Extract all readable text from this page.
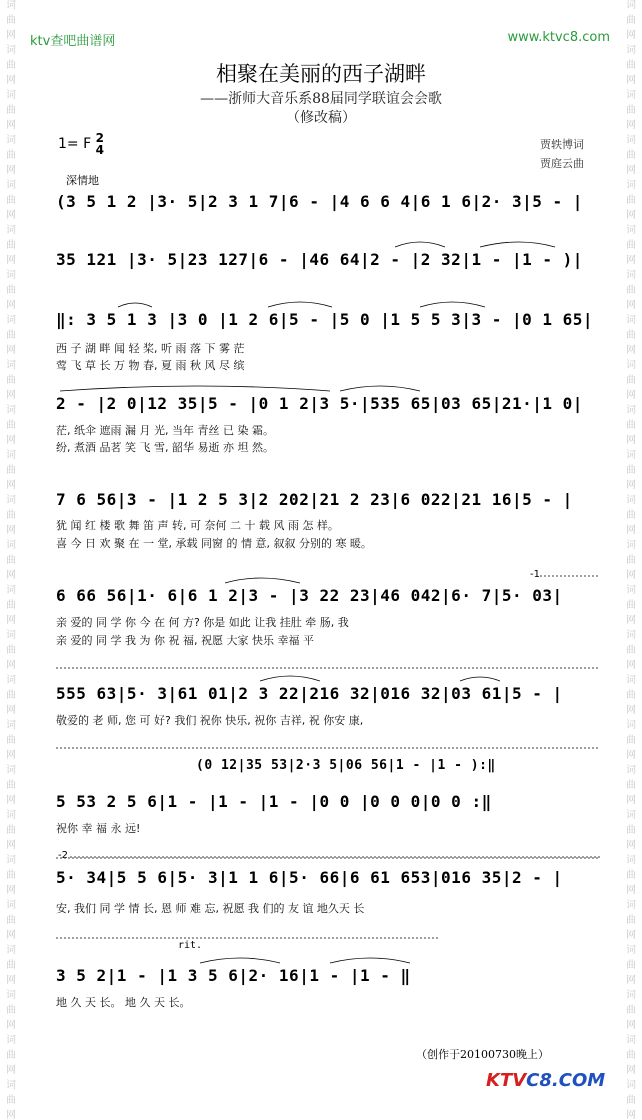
词
曲
网
词
曲
网
词
曲
网
词
曲
网
词
曲
网
词
曲
网
词
曲
网
词
曲
网
词
曲
网
词
曲
网
词
曲
网
词
曲
网
词
曲
网
词
曲
网
词
曲
网
词
曲
网
词
曲
网
词
曲
网
词
曲
网
词
曲
网
词
曲
网
词
曲
网
词
曲
网
词
曲
网
词
曲
网
词
曲
网
词
曲
网
词
曲
网
词
曲
网
词
曲
网
词
曲
网
词
曲
网
词
曲
网
词
曲
网
词
曲
网
词
曲
网
词
曲
网
词
曲
网
词
曲
网
词
曲
网
词
曲
网
词
曲
网
词
曲
网
词
曲
网
词
曲
网
词
曲
网
词
曲
网
词
曲
网
词
曲
网
词
曲
网
ktv查吧曲谱网	www.ktvc8.com
相聚在美丽的西子湖畔
——浙师大音乐系88届同学联谊会会歌
（修改稿）
1= F 2
4	贾轶博词
贾庭云曲
深情地
(3 5 1 2 |3· 5|2 3 1 7|6 - |4 6 6 4|6 1 6|2· 3|5 - |
35 121 |3· 5|23 127|6 - |46 64|2 - |2 32|1 - |1 - )|
‖: 3 5 1 3 |3 0 |1 2 6|5 - |5 0 |1 5 5 3|3 - |0 1 65|
西 子 湖 畔 闻 轻 桨, 听 雨 落 下 雾 茫
莺 飞 草 长 万 物 春, 夏 雨 秋 风 尽 缤
2 - |2 0|12 35|5 - |0 1 2|3 5·|535 65|03 65|21·|1 0|
茫, 纸伞 遮雨 漏 月 光, 当年 青丝 已 染 霜。
纷, 煮酒 品茗 笑 飞 雪, 韶华 易逝 亦 坦 然。
7 6 56|3 - |1 2 5 3|2 202|21 2 23|6 022|21 16|5 - |
犹 闻 红 楼 歌 舞 笛 声 转, 可 奈何 二 十 载 风 雨 怎 样。
喜 今 日 欢 聚 在 一 堂, 承载 同窗 的 情 意, 叙叙 分别的 寒 暖。
-1
6 66 56|1· 6|6 1 2|3 - |3 22 23|46 042|6· 7|5· 03|
亲 爱的 同 学 你 今 在 何 方? 你是 如此 让我 挂肚 牵 肠, 我
亲 爱的 同 学 我 为 你 祝 福, 祝愿 大家 快乐 幸福 平
555 63|5· 3|61 01|2 3 22|216 32|016 32|03 61|5 - |
敬爱的 老 师, 您 可 好? 我们 祝你 快乐, 祝你 吉祥, 祝 你安 康,
(0 12|35 53|2·3 5|06 56|1 - |1 - ):‖
5 53 2 5 6|1 - |1 - |1 - |0 0 |0 0 0|0 0 :‖
祝你 幸 福 永 远!
-2
5· 34|5 5 6|5· 3|1 1 6|5· 66|6 61 653|016 35|2 - |
安, 我们 同 学 情 长, 恩 师 难 忘, 祝愿 我 们的 友 谊 地久天 长
rit.
3 5 2|1 - |1 3 5 6|2· 16|1 - |1 - ‖
地 久 天 长。 地 久 天 长。
（创作于20100730晚上）
KTVC8.COM
